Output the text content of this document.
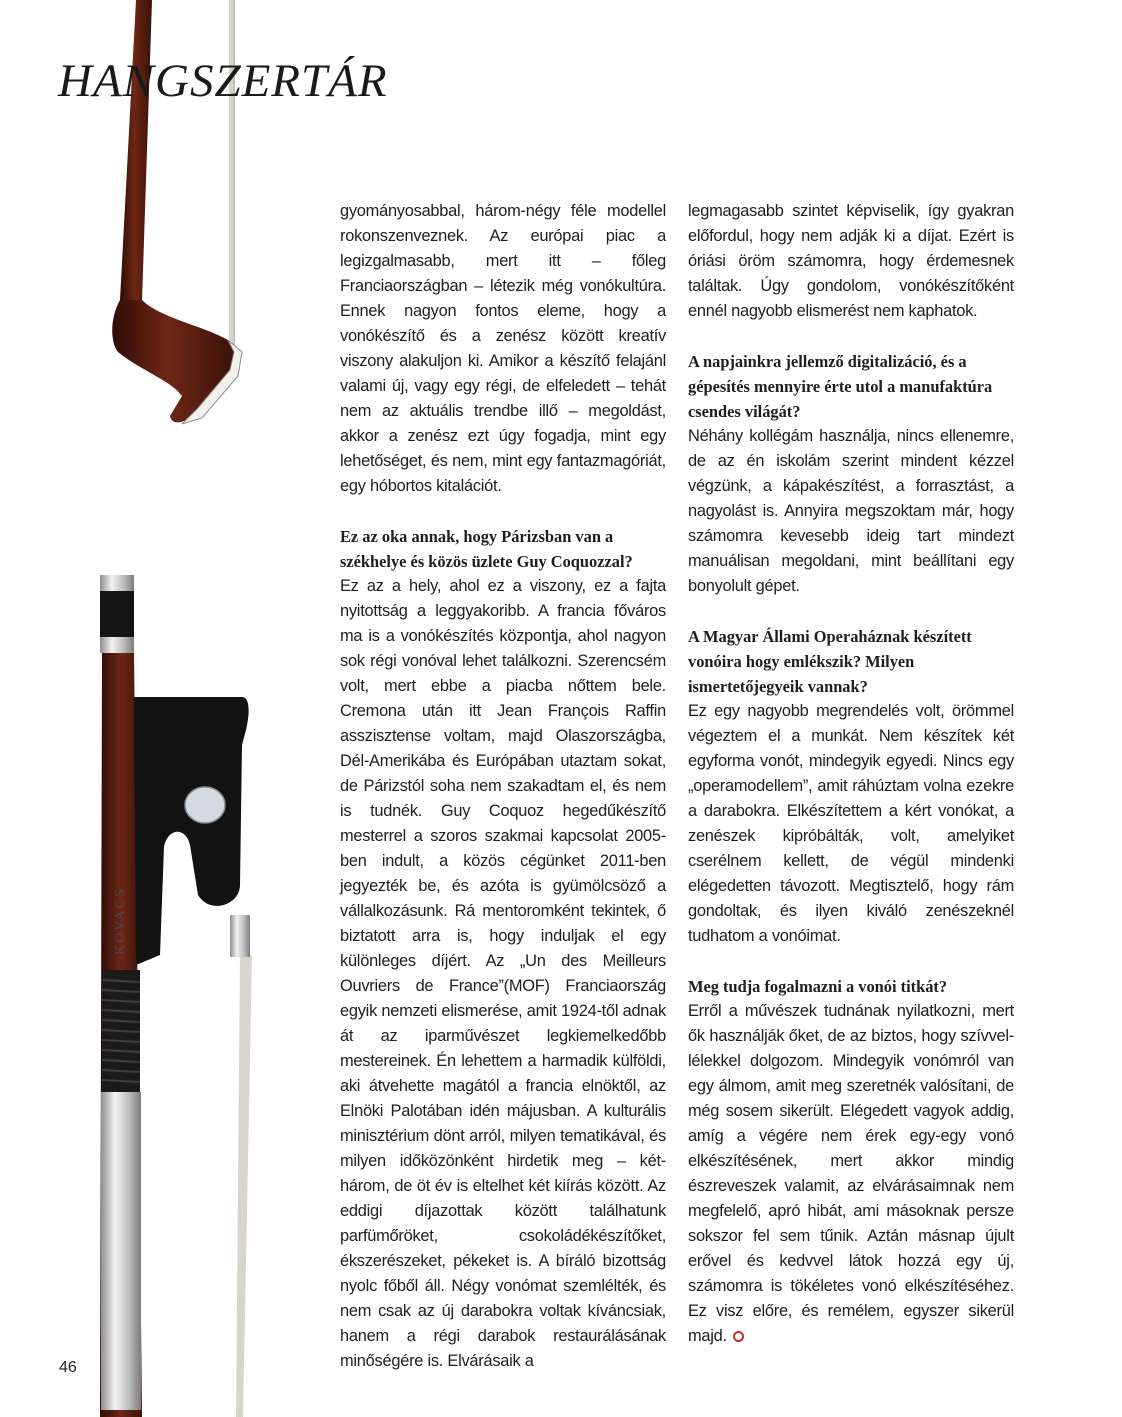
KOVACS
HANGSZERTÁR

gyományosabbal, három-négy féle modellel rokonszenveznek. Az európai piac a legizgalmasabb, mert itt – főleg Franciaországban – létezik még vonókultúra. Ennek nagyon fontos eleme, hogy a vonókészítő és a zenész között kreatív viszony alakuljon ki. Amikor a készítő felajánl valami új, vagy egy régi, de elfeledett – tehát nem az aktuális trendbe illő – megoldást, akkor a zenész ezt úgy fogadja, mint egy lehetőséget, és nem, mint egy fantazmagóriát, egy hóbortos kitalációt.

Ez az oka annak, hogy Párizsban van a székhelye és közös üzlete Guy Coquozzal?

Ez az a hely, ahol ez a viszony, ez a fajta nyitottság a leggyakoribb. A francia főváros ma is a vonókészítés központja, ahol nagyon sok régi vonóval lehet találkozni. Szerencsém volt, mert ebbe a piacba nőttem bele. Cremona után itt Jean François Raffin asszisztense voltam, majd Olaszországba, Dél-Amerikába és Európában utaztam sokat, de Párizstól soha nem szakadtam el, és nem is tudnék. Guy Coquoz hegedűkészítő mesterrel a szoros szakmai kapcsolat 2005-ben indult, a közös cégünket 2011-ben jegyezték be, és azóta is gyümölcsöző a vállalkozásunk. Rá mentoromként tekintek, ő biztatott arra is, hogy induljak el egy különleges díjért. Az „Un des Meilleurs Ouvriers de France”(MOF) Franciaország egyik nemzeti elismerése, amit 1924-től adnak át az iparművészet legkiemelkedőbb mestereinek. Én lehettem a harmadik külföldi, aki átvehette magától a francia elnöktől, az Elnöki Palotában idén májusban. A kulturális minisztérium dönt arról, milyen tematikával, és milyen időközönként hirdetik meg – két-három, de öt év is eltelhet két kiírás között. Az eddigi díjazottak között találhatunk parfümőröket, csokoládékészítőket, ékszerészeket, pékeket is. A bíráló bizottság nyolc főből áll. Négy vonómat szemlélték, és nem csak az új darabokra voltak kíváncsiak, hanem a régi darabok restaurálásának minőségére is. Elvárásaik a

legmagasabb szintet képviselik, így gyakran előfordul, hogy nem adják ki a díjat. Ezért is óriási öröm számomra, hogy érdemesnek találtak. Úgy gondolom, vonókészítőként ennél nagyobb elismerést nem kaphatok.

A napjainkra jellemző digitalizáció, és a gépesítés mennyire érte utol a manufaktúra csendes világát?

Néhány kollégám használja, nincs ellenemre, de az én iskolám szerint mindent kézzel végzünk, a kápakészítést, a forrasztást, a nagyolást is. Annyira megszoktam már, hogy számomra kevesebb ideig tart mindezt manuálisan megoldani, mint beállítani egy bonyolult gépet.

A Magyar Állami Operaháznak készített vonóira hogy emlékszik? Milyen ismertetőjegyeik vannak?

Ez egy nagyobb megrendelés volt, örömmel végeztem el a munkát. Nem készítek két egyforma vonót, mindegyik egyedi. Nincs egy „operamodellem”, amit ráhúztam volna ezekre a darabokra. Elkészítettem a kért vonókat, a zenészek kipróbálták, volt, amelyiket cserélnem kellett, de végül mindenki elégedetten távozott. Megtisztelő, hogy rám gondoltak, és ilyen kiváló zenészeknél tudhatom a vonóimat.

Meg tudja fogalmazni a vonói titkát?

Erről a művészek tudnának nyilatkozni, mert ők használják őket, de az biztos, hogy szívvel-lélekkel dolgozom. Mindegyik vonómról van egy álmom, amit meg szeretnék valósítani, de még sosem sikerült. Elégedett vagyok addig, amíg a végére nem érek egy-egy vonó elkészítésének, mert akkor mindig észreveszek valamit, az elvárásaimnak nem megfelelő, apró hibát, ami másoknak persze sokszor fel sem tűnik. Aztán másnap újult erővel és kedvvel látok hozzá egy új, számomra is tökéletes vonó elkészítéséhez. Ez visz előre, és remélem, egyszer sikerül majd.

46
